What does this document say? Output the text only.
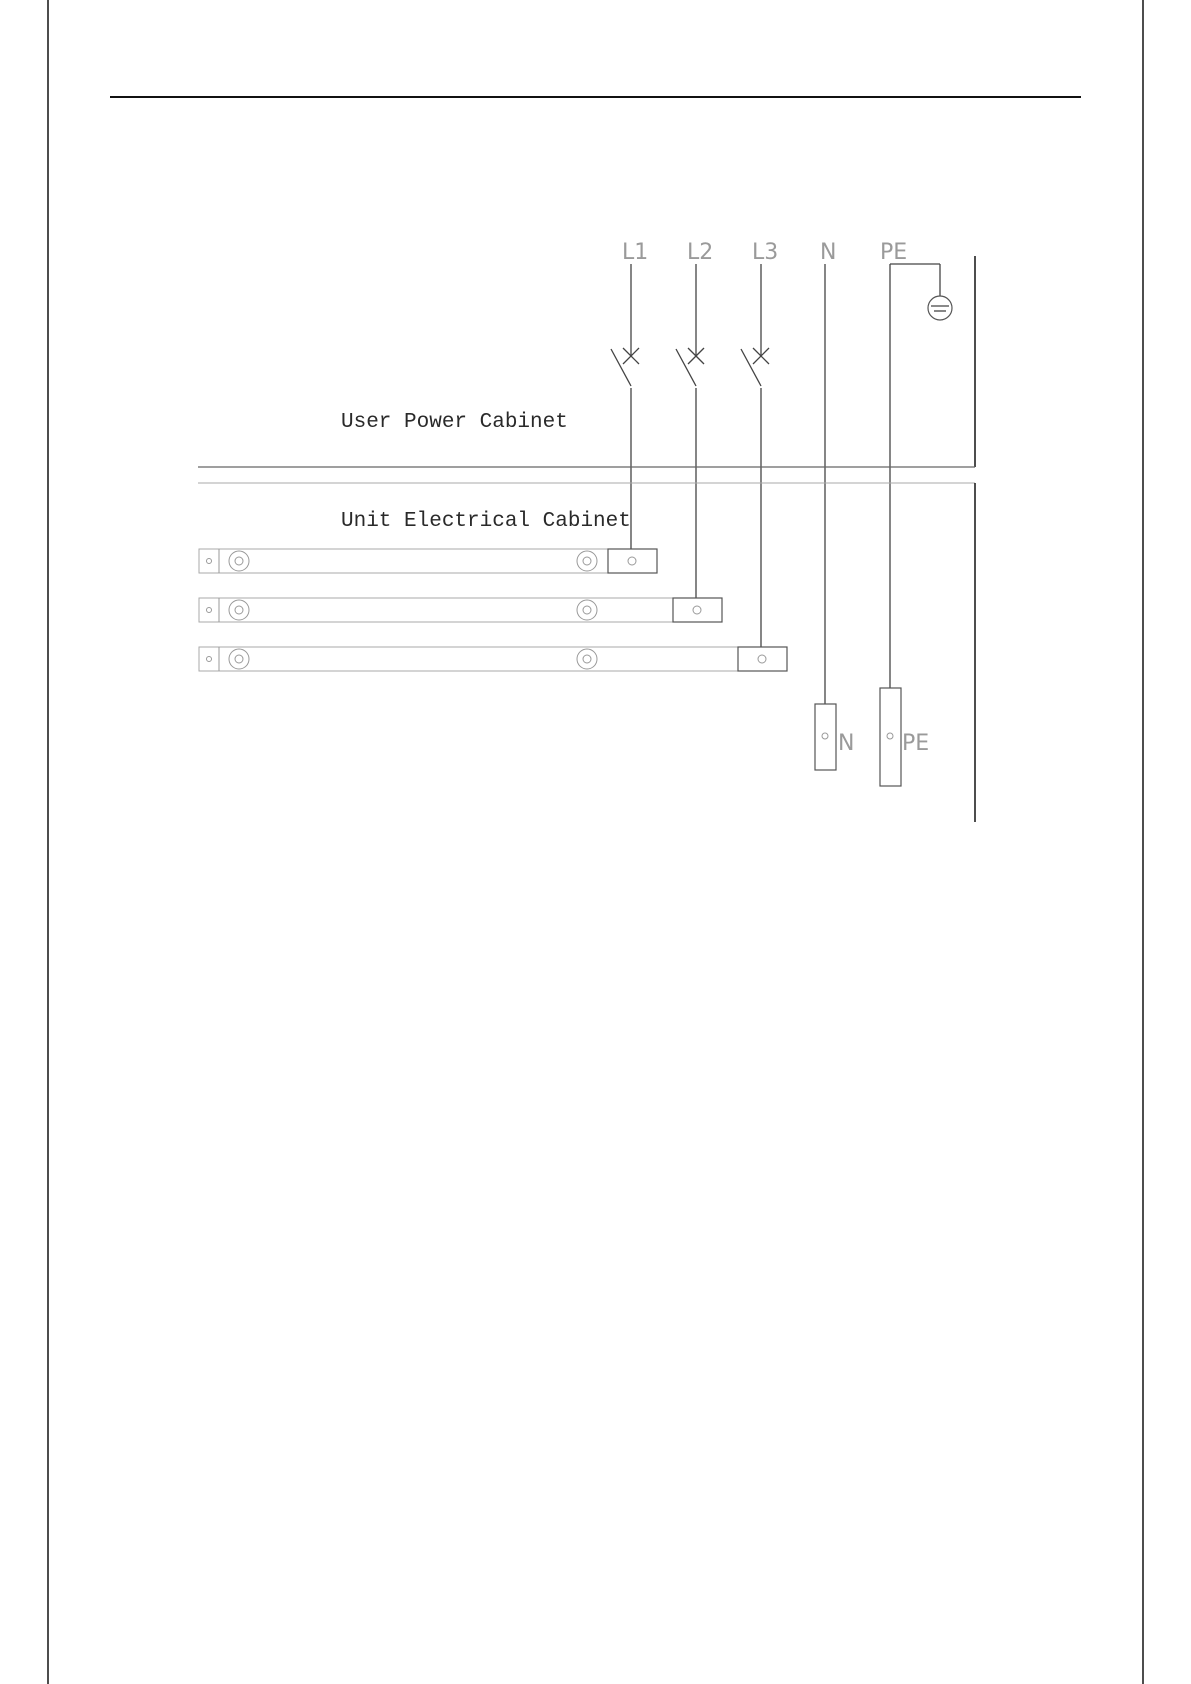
L1 L2 L3 N PE
User Power Cabinet
Unit Electrical Cabinet
N PE
